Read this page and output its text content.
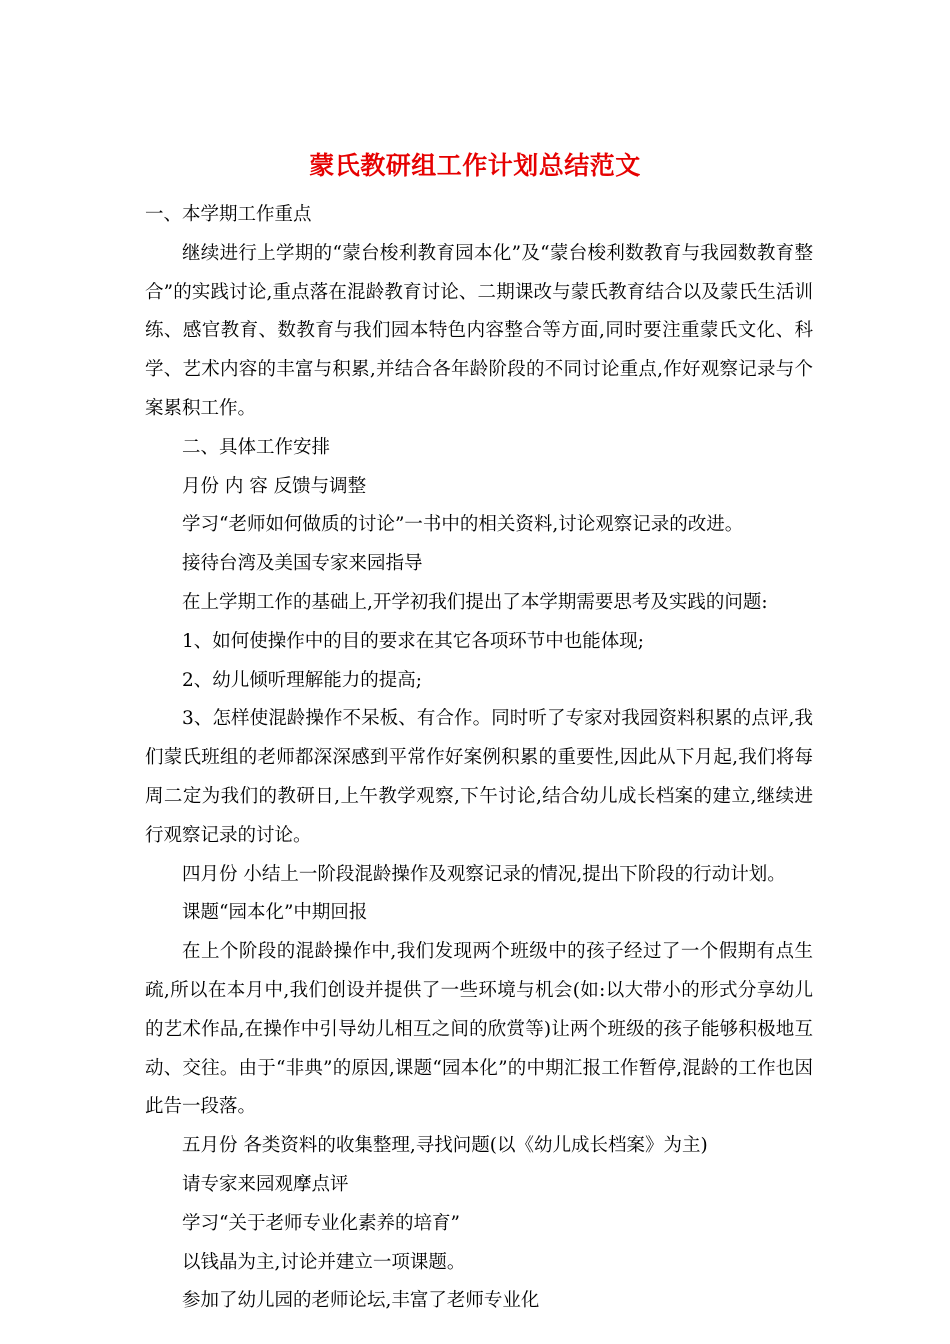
蒙氏教研组工作计划总结范文

一、本学期工作重点

继续进行上学期的“蒙台梭利教育园本化”及“蒙台梭利数教育与我园数教育整合”的实践讨论,重点落在混龄教育讨论、二期课改与蒙氏教育结合以及蒙氏生活训练、感官教育、数教育与我们园本特色内容整合等方面,同时要注重蒙氏文化、科学、艺术内容的丰富与积累,并结合各年龄阶段的不同讨论重点,作好观察记录与个案累积工作。

二、具体工作安排

月份 内 容 反馈与调整

学习“老师如何做质的讨论”一书中的相关资料,讨论观察记录的改进。

接待台湾及美国专家来园指导

在上学期工作的基础上,开学初我们提出了本学期需要思考及实践的问题:

1、如何使操作中的目的要求在其它各项环节中也能体现;

2、幼儿倾听理解能力的提高;

3、怎样使混龄操作不呆板、有合作。同时听了专家对我园资料积累的点评,我们蒙氏班组的老师都深深感到平常作好案例积累的重要性,因此从下月起,我们将每周二定为我们的教研日,上午教学观察,下午讨论,结合幼儿成长档案的建立,继续进行观察记录的讨论。

四月份 小结上一阶段混龄操作及观察记录的情况,提出下阶段的行动计划。

课题“园本化”中期回报

在上个阶段的混龄操作中,我们发现两个班级中的孩子经过了一个假期有点生疏,所以在本月中,我们创设并提供了一些环境与机会(如:以大带小的形式分享幼儿的艺术作品,在操作中引导幼儿相互之间的欣赏等)让两个班级的孩子能够积极地互动、交往。由于“非典”的原因,课题“园本化”的中期汇报工作暂停,混龄的工作也因此告一段落。

五月份 各类资料的收集整理,寻找问题(以《幼儿成长档案》为主)

请专家来园观摩点评

学习“关于老师专业化素养的培育”

以钱晶为主,讨论并建立一项课题。

参加了幼儿园的老师论坛,丰富了老师专业化
